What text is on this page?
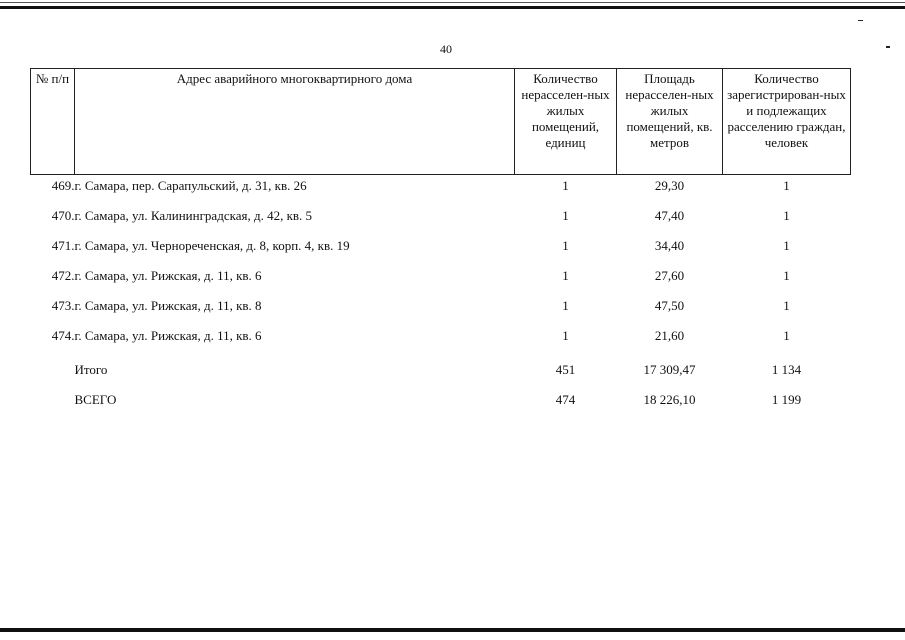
40
№ п/п	Адрес аварийного многоквартирного дома	Количество нерасселен-ных жилых помещений, единиц	Площадь нерасселен-ных жилых помещений, кв. метров	Количество зарегистрирован-ных и подлежащих расселению граждан, человек
469.	г. Самара, пер. Сарапульский, д. 31, кв. 26	1	29,30	1
470.	г. Самара, ул. Калининградская, д. 42, кв. 5	1	47,40	1
471.	г. Самара, ул. Чернореченская, д. 8, корп. 4, кв. 19	1	34,40	1
472.	г. Самара, ул. Рижская, д. 11, кв. 6	1	27,60	1
473.	г. Самара, ул. Рижская, д. 11, кв. 8	1	47,50	1
474.	г. Самара, ул. Рижская, д. 11, кв. 6	1	21,60	1
	Итого	451	17 309,47	1 134
	ВСЕГО	474	18 226,10	1 199
